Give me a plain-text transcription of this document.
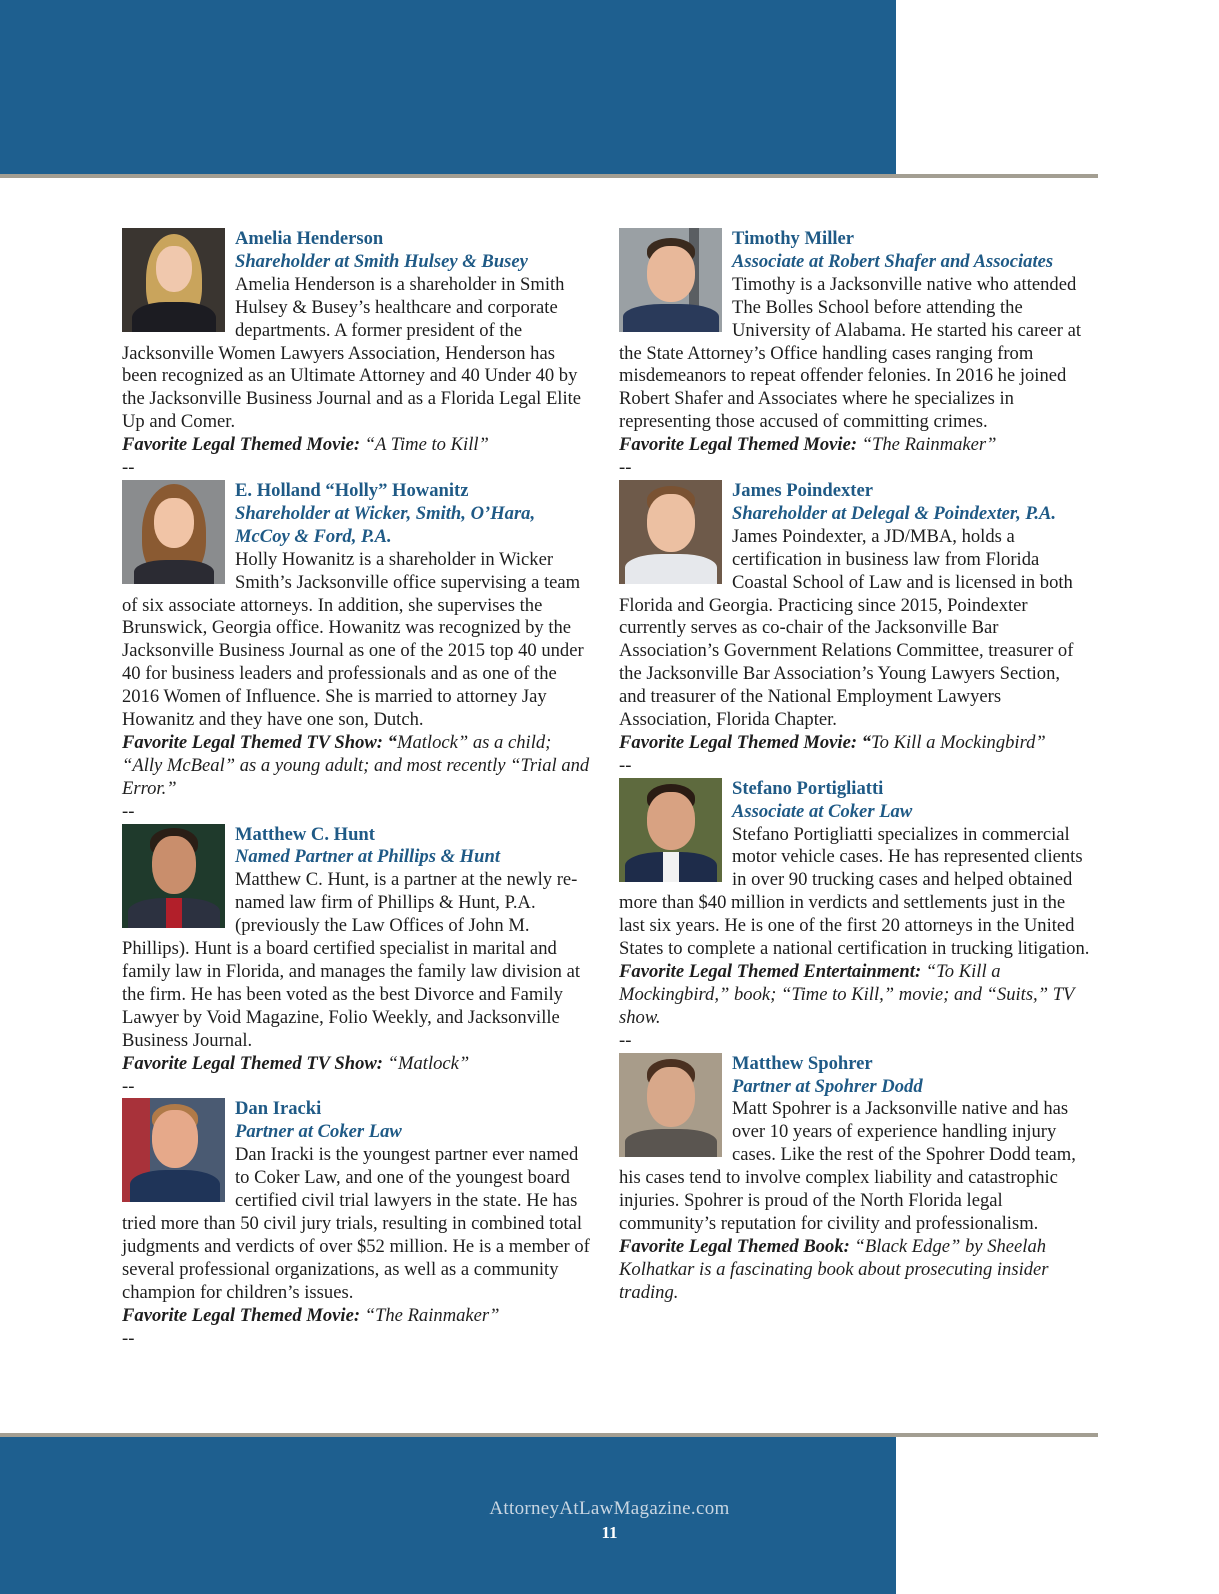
Amelia Henderson
Shareholder at Smith Hulsey & Busey
Amelia Henderson is a shareholder in Smith Hulsey & Busey’s healthcare and corporate departments. A former president of the Jacksonville Women Lawyers Association, Henderson has been recognized as an Ultimate Attorney and 40 Under 40 by the Jacksonville Business Journal and as a Florida Legal Elite Up and Comer.
Favorite Legal Themed Movie: “A Time to Kill”
--
E. Holland “Holly” Howanitz
Shareholder at Wicker, Smith, O’Hara, McCoy & Ford, P.A.
Holly Howanitz is a shareholder in Wicker Smith’s Jacksonville office supervising a team of six associate attorneys. In addition, she supervises the Brunswick, Georgia office. Howanitz was recognized by the Jacksonville Business Journal as one of the 2015 top 40 under 40 for business leaders and professionals and as one of the 2016 Women of Influence. She is married to attorney Jay Howanitz and they have one son, Dutch.
Favorite Legal Themed TV Show: “Matlock” as a child; “Ally McBeal” as a young adult; and most recently “Trial and Error.”
--
Matthew C. Hunt
Named Partner at Phillips & Hunt
Matthew C. Hunt, is a partner at the newly re-named law firm of Phillips & Hunt, P.A. (previously the Law Offices of John M. Phillips). Hunt is a board certified specialist in marital and family law in Florida, and manages the family law division at the firm. He has been voted as the best Divorce and Family Lawyer by Void Magazine, Folio Weekly, and Jacksonville Business Journal.
Favorite Legal Themed TV Show: “Matlock”
--
Dan Iracki
Partner at Coker Law
Dan Iracki is the youngest partner ever named to Coker Law, and one of the youngest board certified civil trial lawyers in the state. He has tried more than 50 civil jury trials, resulting in combined total judgments and verdicts of over $52 million. He is a member of several professional organizations, as well as a community champion for children’s issues.
Favorite Legal Themed Movie: “The Rainmaker”
--
Timothy Miller
Associate at Robert Shafer and Associates
Timothy is a Jacksonville native who attended The Bolles School before attending the University of Alabama. He started his career at the State Attorney’s Office handling cases ranging from misdemeanors to repeat offender felonies. In 2016 he joined Robert Shafer and Associates where he specializes in representing those accused of committing crimes.
Favorite Legal Themed Movie: “The Rainmaker”
--
James Poindexter
Shareholder at Delegal & Poindexter, P.A.
James Poindexter, a JD/MBA, holds a certification in business law from Florida Coastal School of Law and is licensed in both Florida and Georgia. Practicing since 2015, Poindexter currently serves as co-chair of the Jacksonville Bar Association’s Government Relations Committee, treasurer of the Jacksonville Bar Association’s Young Lawyers Section, and treasurer of the National Employment Lawyers Association, Florida Chapter.
Favorite Legal Themed Movie: “To Kill a Mockingbird”
--
Stefano Portigliatti
Associate at Coker Law
Stefano Portigliatti specializes in commercial motor vehicle cases. He has represented clients in over 90 trucking cases and helped obtained more than $40 million in verdicts and settlements just in the last six years. He is one of the first 20 attorneys in the United States to complete a national certification in trucking litigation.
Favorite Legal Themed Entertainment: “To Kill a Mockingbird,” book; “Time to Kill,” movie; and “Suits,” TV show.
--
Matthew Spohrer
Partner at Spohrer Dodd
Matt Spohrer is a Jacksonville native and has over 10 years of experience handling injury cases. Like the rest of the Spohrer Dodd team, his cases tend to involve complex liability and catastrophic injuries. Spohrer is proud of the North Florida legal community’s reputation for civility and professionalism.
Favorite Legal Themed Book: “Black Edge” by Sheelah Kolhatkar is a fascinating book about prosecuting insider trading.
AttorneyAtLawMagazine.com
11
